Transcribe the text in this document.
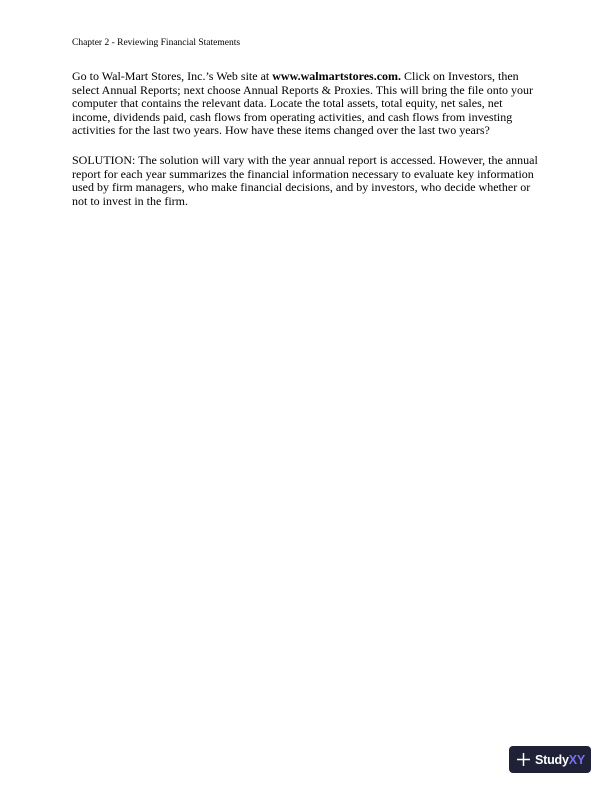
Chapter 2 - Reviewing Financial Statements

Go to Wal-Mart Stores, Inc.’s Web site at www.walmartstores.com. Click on Investors, then select Annual Reports; next choose Annual Reports & Proxies. This will bring the file onto your computer that contains the relevant data. Locate the total assets, total equity, net sales, net income, dividends paid, cash flows from operating activities, and cash flows from investing activities for the last two years. How have these items changed over the last two years?

SOLUTION: The solution will vary with the year annual report is accessed. However, the annual report for each year summarizes the financial information necessary to evaluate key information used by firm managers, who make financial decisions, and by investors, who decide whether or not to invest in the firm.

StudyXY
